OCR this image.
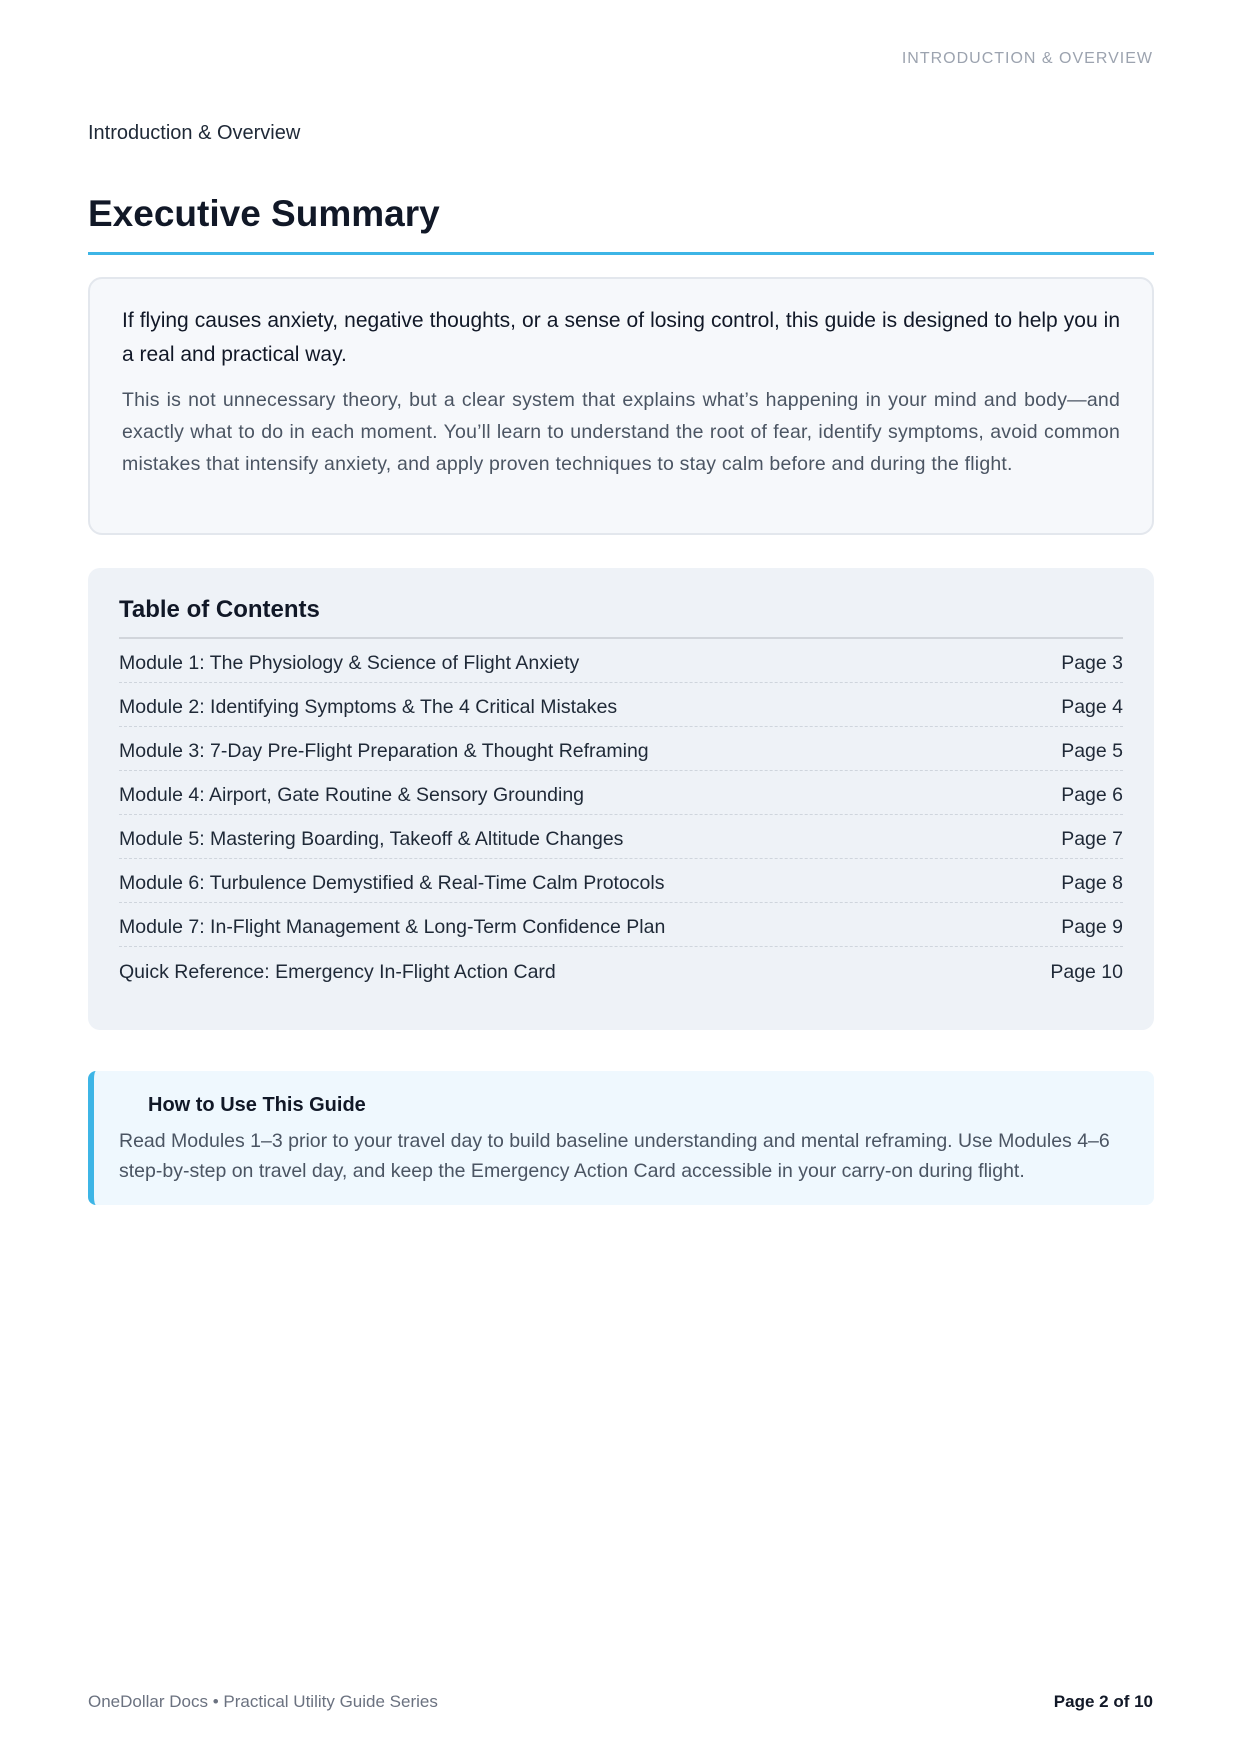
INTRODUCTION & OVERVIEW
Introduction & Overview
Executive Summary

If flying causes anxiety, negative thoughts, or a sense of losing control, this guide is designed to help you in a real and practical way.

This is not unnecessary theory, but a clear system that explains what’s happening in your mind and body—and exactly what to do in each moment. You’ll learn to understand the root of fear, identify symptoms, avoid common mistakes that intensify anxiety, and apply proven techniques to stay calm before and during the flight.

Table of Contents
Module 1: The Physiology & Science of Flight Anxiety	Page 3
Module 2: Identifying Symptoms & The 4 Critical Mistakes	Page 4
Module 3: 7-Day Pre-Flight Preparation & Thought Reframing	Page 5
Module 4: Airport, Gate Routine & Sensory Grounding	Page 6
Module 5: Mastering Boarding, Takeoff & Altitude Changes	Page 7
Module 6: Turbulence Demystified & Real-Time Calm Protocols	Page 8
Module 7: In-Flight Management & Long-Term Confidence Plan	Page 9
Quick Reference: Emergency In-Flight Action Card	Page 10
How to Use This Guide

Read Modules 1–3 prior to your travel day to build baseline understanding and mental reframing. Use Modules 4–6 step-by-step on travel day, and keep the Emergency Action Card accessible in your carry-on during flight.

OneDollar Docs • Practical Utility Guide Series	Page 2 of 10
